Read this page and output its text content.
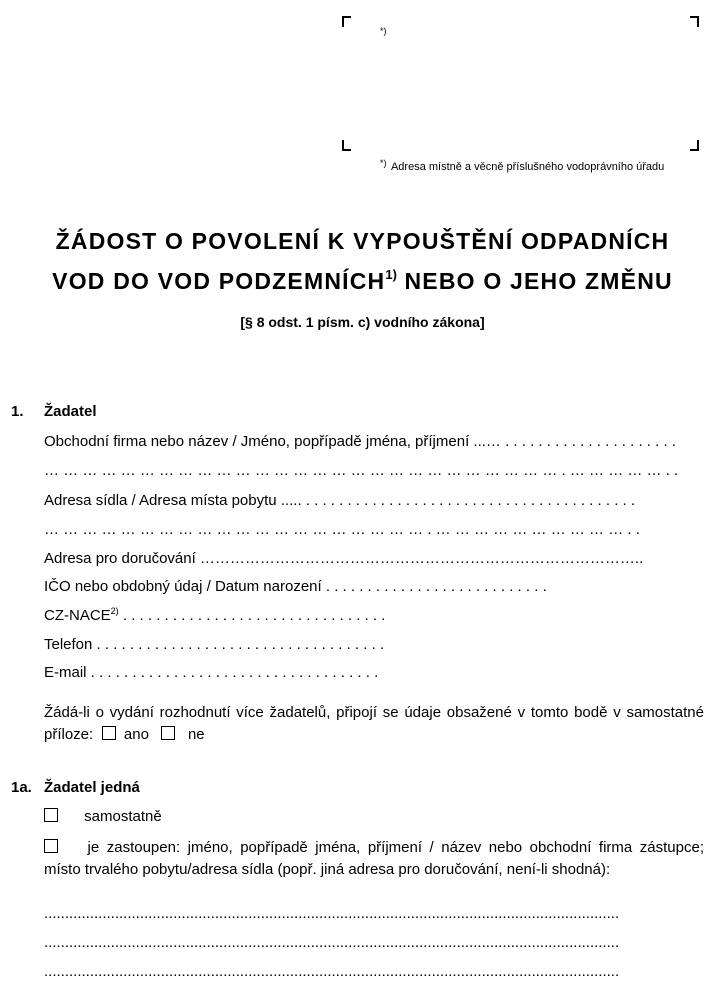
*)
*) Adresa místně a věcně příslušného vodoprávního úřadu
ŽÁDOST O POVOLENÍ K VYPOUŠTĚNÍ ODPADNÍCH
VOD DO VOD PODZEMNÍCH$^{1)}$ NEBO O JEHO ZMĚNU
[§ 8 odst. 1 písm. c) vodního zákona]
1. Žadatel
Obchodní firma nebo název / Jméno, popřípadě jména, příjmení ...… . . . . . . . . . . . . . . . . . . . . .
… … … … … … … … … … … … … … … … … … … … … … … … … … … . … … … … … . .
Adresa sídla / Adresa místa pobytu ..... . . . . . . . . . . . . . . . . . . . . . . . . . . . . . . . . . . . . . . . .
… … … … … … … … … … … … … … … … … … … … . … … … … … … … … … … . .
Adresa pro doručování ……………………………………………………………………………..
IČO nebo obdobný údaj / Datum narození . . . . . . . . . . . . . . . . . . . . . . . . . . .
CZ-NACE$^{2)}$ . . . . . . . . . . . . . . . . . . . . . . . . . . . . . . . .
Telefon . . . . . . . . . . . . . . . . . . . . . . . . . . . . . . . . . . .
E-mail . . . . . . . . . . . . . . . . . . . . . . . . . . . . . . . . . . .
Žádá-li o vydání rozhodnutí více žadatelů, připojí se údaje obsažené v tomto bodě v samostatné příloze: ano	ne
1a. Žadatel jedná
samostatně
je zastoupen: jméno, popřípadě jména, příjmení / název nebo obchodní firma zástupce; místo trvalého pobytu/adresa sídla (popř. jiná adresa pro doručování, není-li shodná):
..........................................................................................................................................
..........................................................................................................................................
..........................................................................................................................................
